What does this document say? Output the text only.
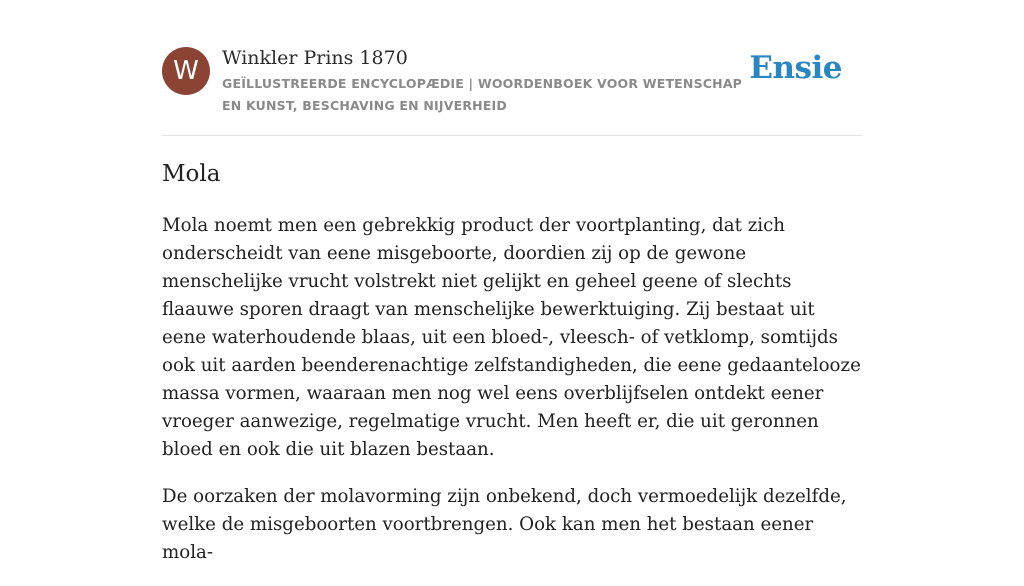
W	Winkler Prins 1870
GEÏLLUSTREERDE ENCYCLOPÆDIE | WOORDENBOEK VOOR WETENSCHAP EN KUNST, BESCHAVING EN NIJVERHEID
Ensie
Mola

Mola noemt men een gebrekkig product der voortplanting, dat zich onderscheidt van eene misgeboorte, doordien zij op de gewone menschelijke vrucht volstrekt niet gelijkt en geheel geene of slechts flaauwe sporen draagt van menschelijke bewerktuiging. Zij bestaat uit eene waterhoudende blaas, uit een bloed-, vleesch- of vetklomp, somtijds ook uit aarden beenderenachtige zelfstandigheden, die eene gedaantelooze massa vormen, waaraan men nog wel eens overblijfselen ontdekt eener vroeger aanwezige, regelmatige vrucht. Men heeft er, die uit geronnen bloed en ook die uit blazen bestaan.

De oorzaken der molavorming zijn onbekend, doch vermoedelijk dezelfde, welke de misgeboorten voortbrengen. Ook kan men het bestaan eener mola-
